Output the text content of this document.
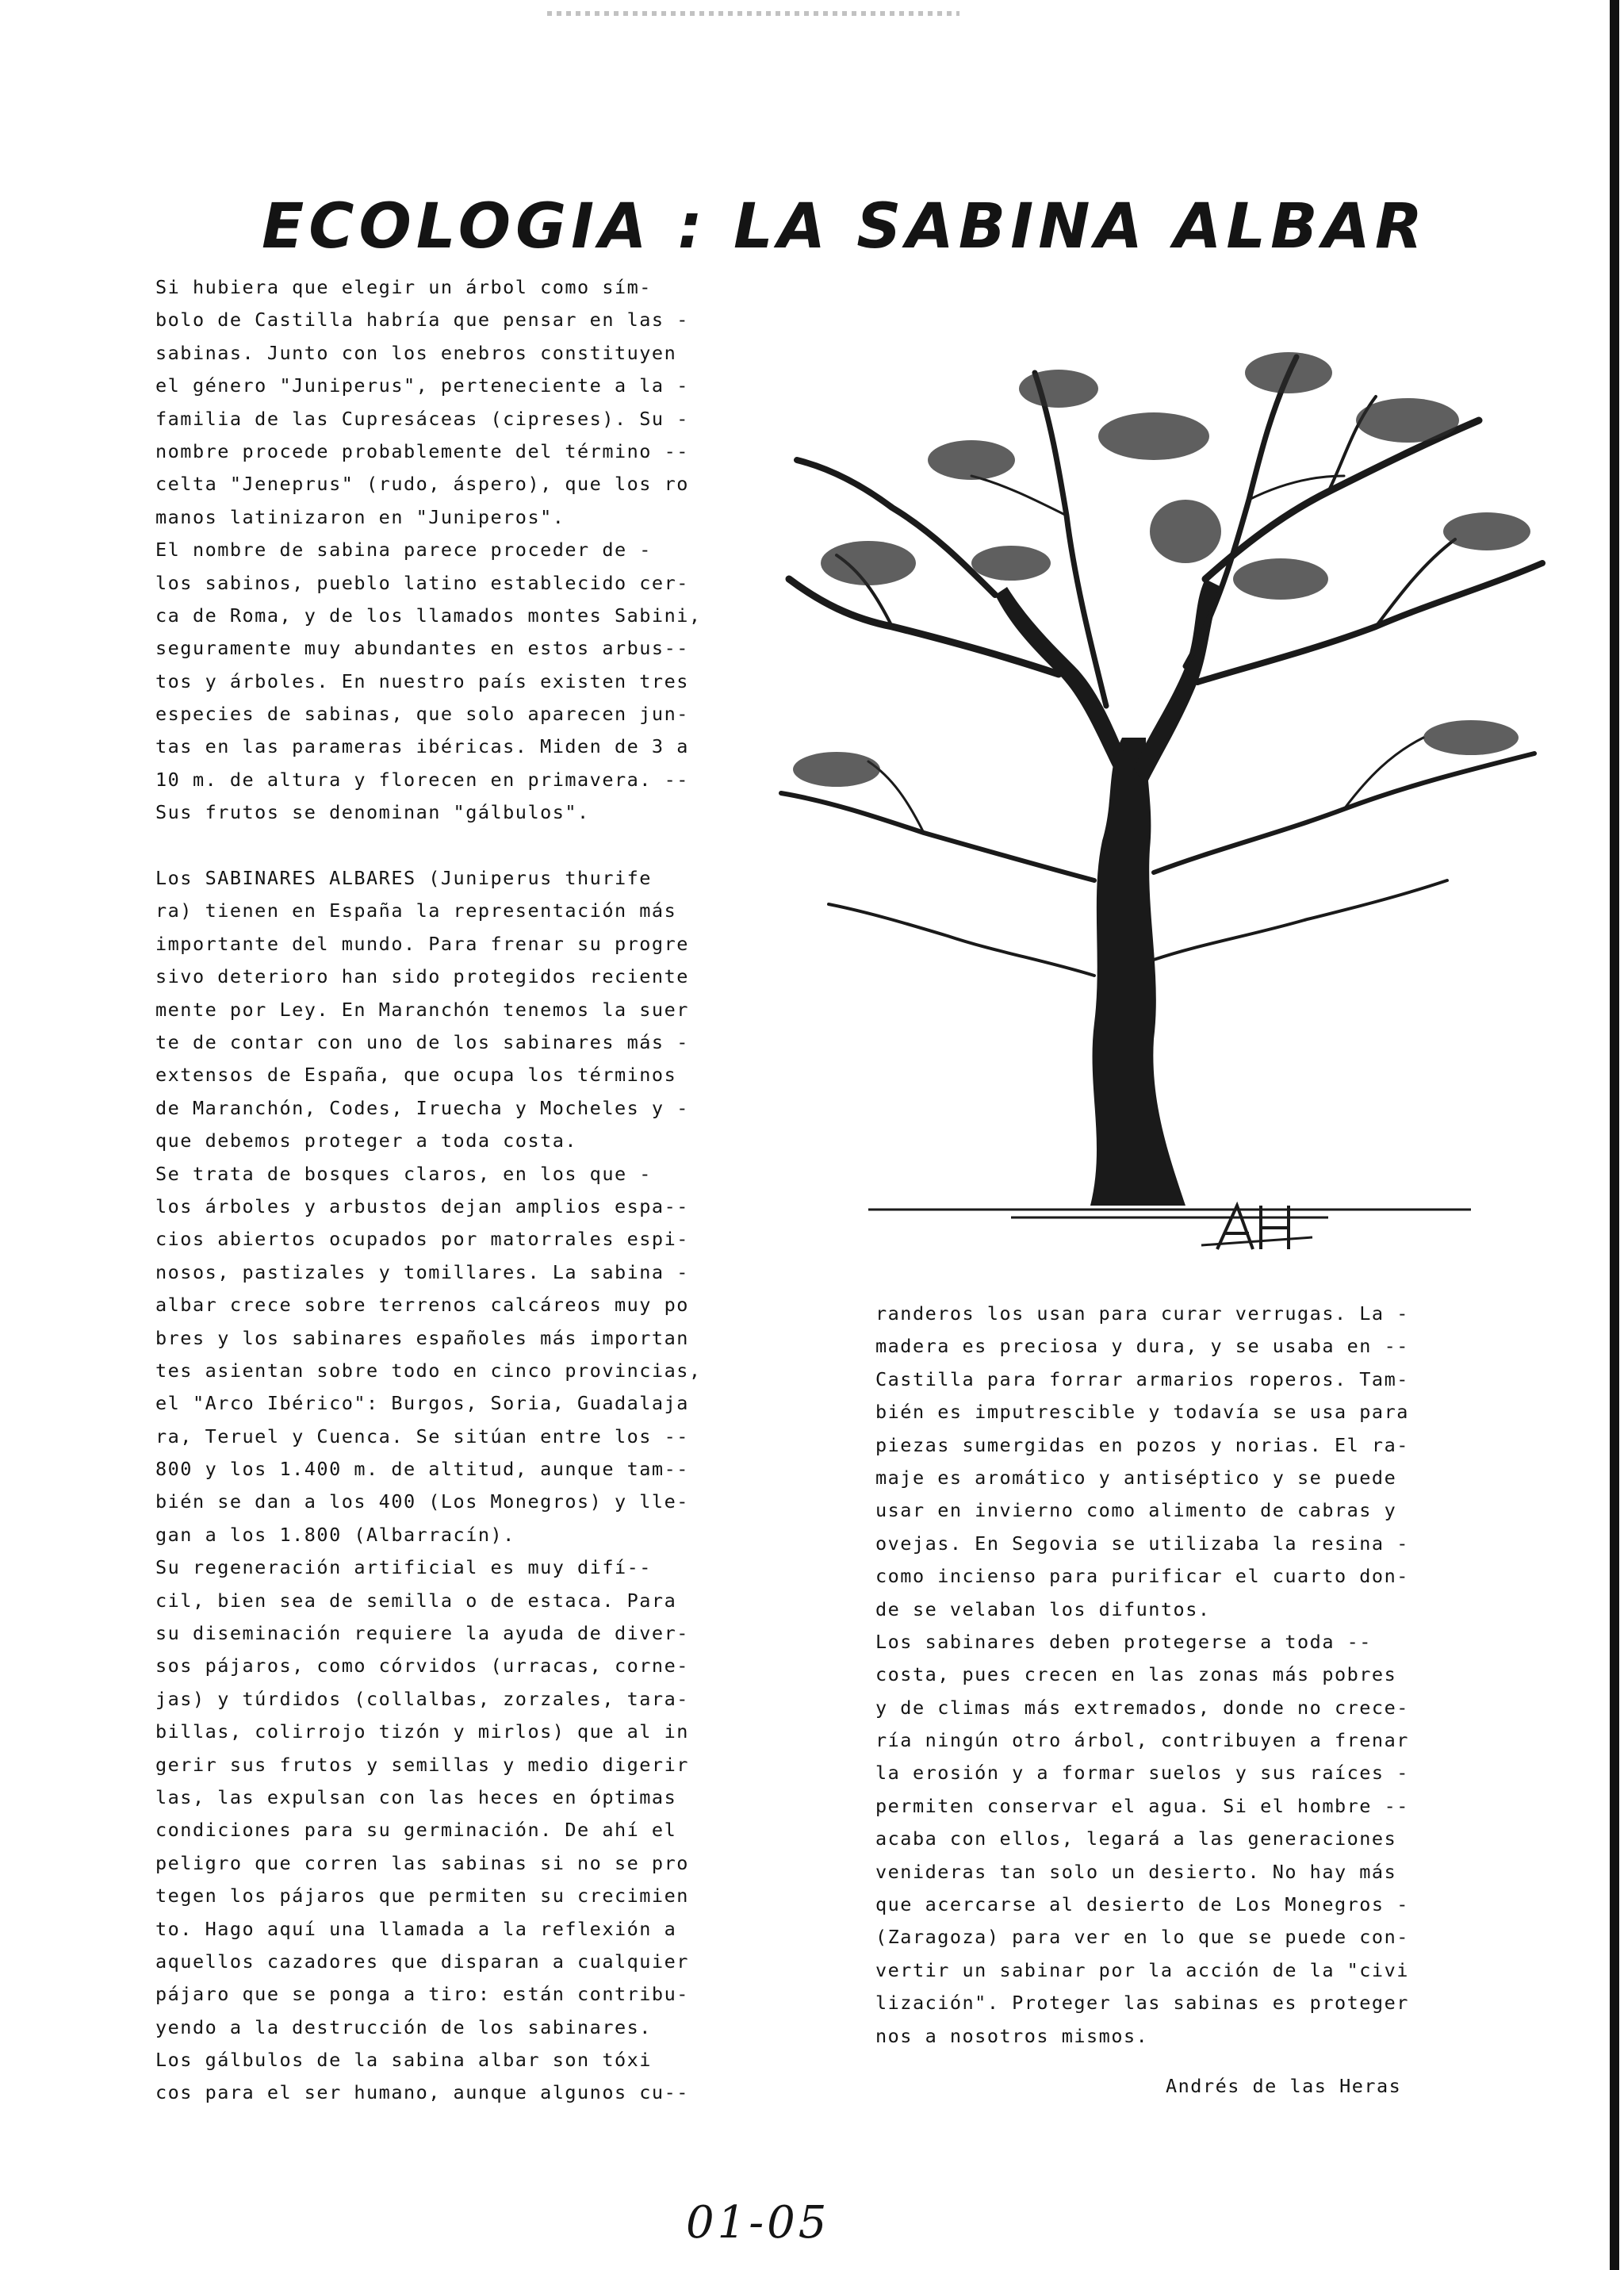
ECOLOGIA : LA SABINA ALBAR
Si hubiera que elegir un árbol como sím-
bolo de Castilla habría que pensar en las -
sabinas. Junto con los enebros constituyen
el género "Juniperus", perteneciente a la -
familia de las Cupresáceas (cipreses). Su -
nombre procede probablemente del término --
celta "Jeneprus" (rudo, áspero), que los ro
manos latinizaron en "Juniperos".
El nombre de sabina parece proceder de -
los sabinos, pueblo latino establecido cer-
ca de Roma, y de los llamados montes Sabini,
seguramente muy abundantes en estos arbus--
tos y árboles. En nuestro país existen tres
especies de sabinas, que solo aparecen jun-
tas en las parameras ibéricas. Miden de 3 a
10 m. de altura y florecen en primavera. --
Sus frutos se denominan "gálbulos".
Los SABINARES ALBARES (Juniperus thurife
ra) tienen en España la representación más
importante del mundo. Para frenar su progre
sivo deterioro han sido protegidos reciente
mente por Ley. En Maranchón tenemos la suer
te de contar con uno de los sabinares más -
extensos de España, que ocupa los términos
de Maranchón, Codes, Iruecha y Mocheles y -
que debemos proteger a toda costa.
Se trata de bosques claros, en los que -
los árboles y arbustos dejan amplios espa--
cios abiertos ocupados por matorrales espi-
nosos, pastizales y tomillares. La sabina -
albar crece sobre terrenos calcáreos muy po
bres y los sabinares españoles más importan
tes asientan sobre todo en cinco provincias,
el "Arco Ibérico": Burgos, Soria, Guadalaja
ra, Teruel y Cuenca. Se sitúan entre los --
800 y los 1.400 m. de altitud, aunque tam--
bién se dan a los 400 (Los Monegros) y lle-
gan a los 1.800 (Albarracín).
Su regeneración artificial es muy difí--
cil, bien sea de semilla o de estaca. Para
su diseminación requiere la ayuda de diver-
sos pájaros, como córvidos (urracas, corne-
jas) y túrdidos (collalbas, zorzales, tara-
billas, colirrojo tizón y mirlos) que al in
gerir sus frutos y semillas y medio digerir
las, las expulsan con las heces en óptimas
condiciones para su germinación. De ahí el
peligro que corren las sabinas si no se pro
tegen los pájaros que permiten su crecimien
to. Hago aquí una llamada a la reflexión a
aquellos cazadores que disparan a cualquier
pájaro que se ponga a tiro: están contribu-
yendo a la destrucción de los sabinares.
Los gálbulos de la sabina albar son tóxi
cos para el ser humano, aunque algunos cu--
randeros los usan para curar verrugas. La -
madera es preciosa y dura, y se usaba en --
Castilla para forrar armarios roperos. Tam-
bién es imputrescible y todavía se usa para
piezas sumergidas en pozos y norias. El ra-
maje es aromático y antiséptico y se puede
usar en invierno como alimento de cabras y
ovejas. En Segovia se utilizaba la resina -
como incienso para purificar el cuarto don-
de se velaban los difuntos.
Los sabinares deben protegerse a toda --
costa, pues crecen en las zonas más pobres
y de climas más extremados, donde no crece-
ría ningún otro árbol, contribuyen a frenar
la erosión y a formar suelos y sus raíces -
permiten conservar el agua. Si el hombre --
acaba con ellos, legará a las generaciones
venideras tan solo un desierto. No hay más
que acercarse al desierto de Los Monegros -
(Zaragoza) para ver en lo que se puede con-
vertir un sabinar por la acción de la "civi
lización". Proteger las sabinas es proteger
nos a nosotros mismos.
Andrés de las Heras
01-05
